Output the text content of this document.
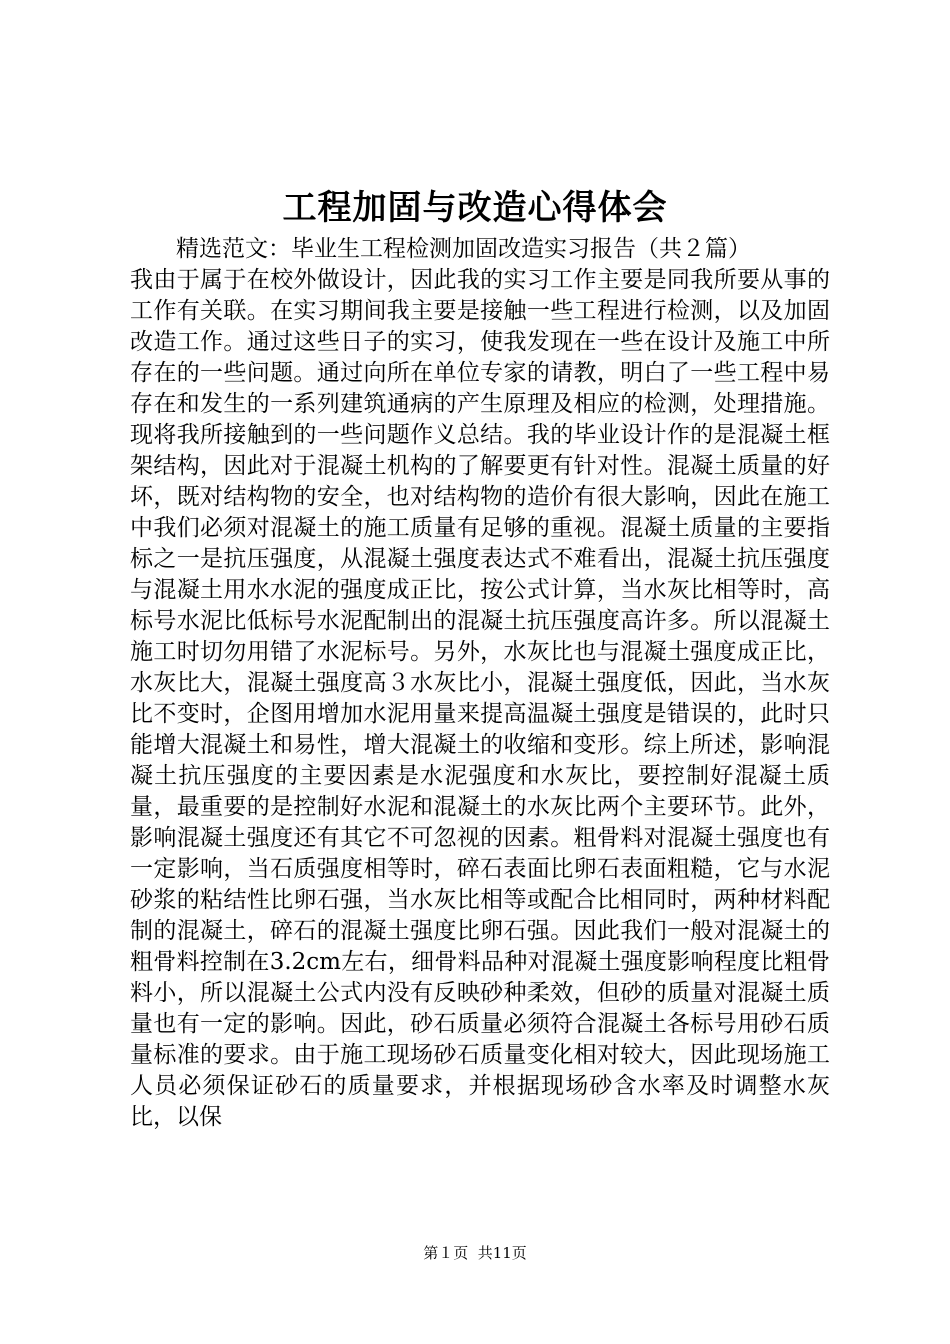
工程加固与改造心得体会
精选范文：毕业生工程检测加固改造实习报告（共２篇）
我由于属于在校外做设计，因此我的实习工作主要是同我所要从事的工作有关联。在实习期间我主要是接触一些工程进行检测，以及加固改造工作。通过这些日子的实习，使我发现在一些在设计及施工中所存在的一些问题。通过向所在单位专家的请教，明白了一些工程中易存在和发生的一系列建筑通病的产生原理及相应的检测，处理措施。现将我所接触到的一些问题作义总结。我的毕业设计作的是混凝土框架结构，因此对于混凝土机构的了解要更有针对性。混凝土质量的好坏，既对结构物的安全，也对结构物的造价有很大影响，因此在施工中我们必须对混凝土的施工质量有足够的重视。混凝土质量的主要指标之一是抗压强度，从混凝土强度表达式不难看出，混凝土抗压强度与混凝土用水水泥的强度成正比，按公式计算，当水灰比相等时，高标号水泥比低标号水泥配制出的混凝土抗压强度高许多。所以混凝土施工时切勿用错了水泥标号。另外，水灰比也与混凝土强度成正比，水灰比大，混凝土强度高３水灰比小，混凝土强度低，因此，当水灰比不变时，企图用增加水泥用量来提高温凝土强度是错误的，此时只能增大混凝土和易性，增大混凝土的收缩和变形。综上所述，影响混凝土抗压强度的主要因素是水泥强度和水灰比，要控制好混凝土质量，最重要的是控制好水泥和混凝土的水灰比两个主要环节。此外，影响混凝土强度还有其它不可忽视的因素。粗骨料对混凝土强度也有一定影响，当石质强度相等时，碎石表面比卵石表面粗糙，它与水泥砂浆的粘结性比卵石强，当水灰比相等或配合比相同时，两种材料配制的混凝土，碎石的混凝土强度比卵石强。因此我们一般对混凝土的粗骨料控制在3.2cm左右，细骨料品种对混凝土强度影响程度比粗骨料小，所以混凝土公式内没有反映砂种柔效，但砂的质量对混凝土质量也有一定的影响。因此，砂石质量必须符合混凝土各标号用砂石质量标准的要求。由于施工现场砂石质量变化相对较大，因此现场施工人员必须保证砂石的质量要求，并根据现场砂含水率及时调整水灰比，以保
第１页  共11页
